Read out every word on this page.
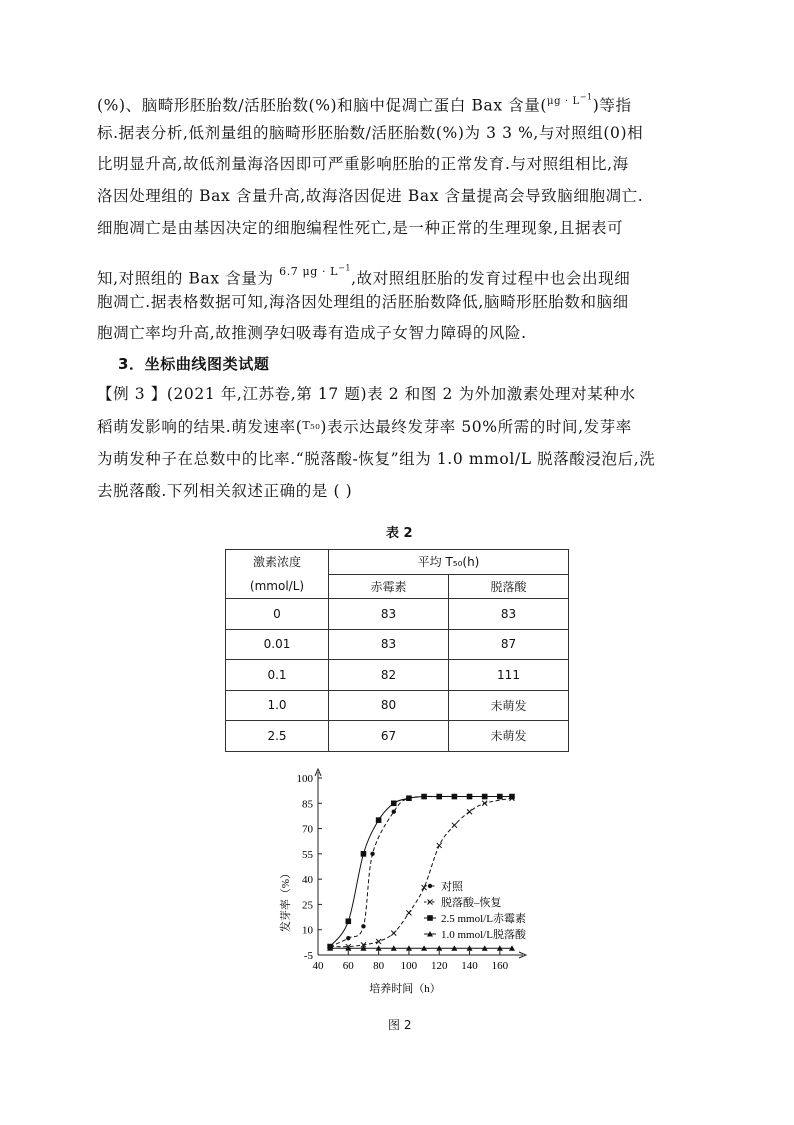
(%)、脑畸形胚胎数/活胚胎数(%)和脑中促凋亡蛋白 Bax 含量($^{\mu g \cdot L^{-1}}$)等指
标.据表分析,低剂量组的脑畸形胚胎数/活胚胎数(%)为 3 3 %,与对照组(0)相
比明显升高,故低剂量海洛因即可严重影响胚胎的正常发育.与对照组相比,海
洛因处理组的 Bax 含量升高,故海洛因促进 Bax 含量提高会导致脑细胞凋亡.
细胞凋亡是由基因决定的细胞编程性死亡,是一种正常的生理现象,且据表可
知,对照组的 Bax 含量为 $^{6.7 \mu g \cdot L^{-1}}$,故对照组胚胎的发育过程中也会出现细
胞凋亡.据表格数据可知,海洛因处理组的活胚胎数降低,脑畸形胚胎数和脑细
胞凋亡率均升高,故推测孕妇吸毒有造成子女智力障碍的风险.
3．坐标曲线图类试题
【例 3 】(2021 年,江苏卷,第 17 题)表 2 和图 2 为外加激素处理对某种水
稻萌发影响的结果.萌发速率(T₅₀)表示达最终发芽率 50%所需的时间,发芽率
为萌发种子在总数中的比率.“脱落酸-恢复”组为 1.0 mmol/L 脱落酸浸泡后,洗
去脱落酸.下列相关叙述正确的是 ( )
表 2
激素浓度
(mmol/L)	平均 T₅₀(h)	
	赤霉素	脱落酸
0	83	83
0.01	83	87
0.1	82	111
1.0	80	未萌发
2.5	67	未萌发
-5
10
25
40
55
70
85
100
40 60 80 100 120 140 160
对照
脱落酸–恢复
2.5 mmol/L赤霉素
1.0 mmol/L脱落酸
发芽率（%）
培养时间（h）
图 2
